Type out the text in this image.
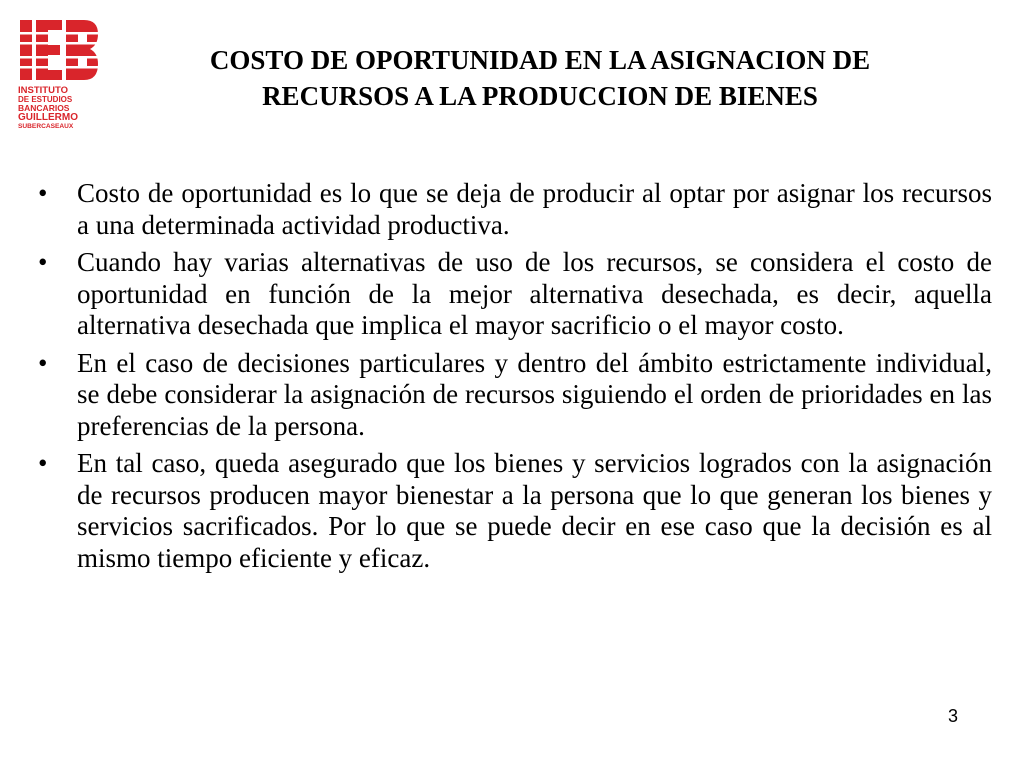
INSTITUTO
DE ESTUDIOS
BANCARIOS
GUILLERMO
SUBERCASEAUX
COSTO DE OPORTUNIDAD EN LA ASIGNACION DE
RECURSOS A LA PRODUCCION DE BIENES
• Costo de oportunidad es lo que se deja de producir al optar por asignar los recursos a una determinada actividad productiva.
• Cuando hay varias alternativas de uso de los recursos, se considera el costo de oportunidad en función de la mejor alternativa desechada, es decir, aquella alternativa desechada que implica el mayor sacrificio o el mayor costo.
• En el caso de decisiones particulares y dentro del ámbito estrictamente individual, se debe considerar la asignación de recursos siguiendo el orden de prioridades en las preferencias de la persona.
• En tal caso, queda asegurado que los bienes y servicios logrados con la asignación de recursos producen mayor bienestar a la persona que lo que generan los bienes y servicios sacrificados. Por lo que se puede decir en ese caso que la decisión es al mismo tiempo eficiente y eficaz.
3
